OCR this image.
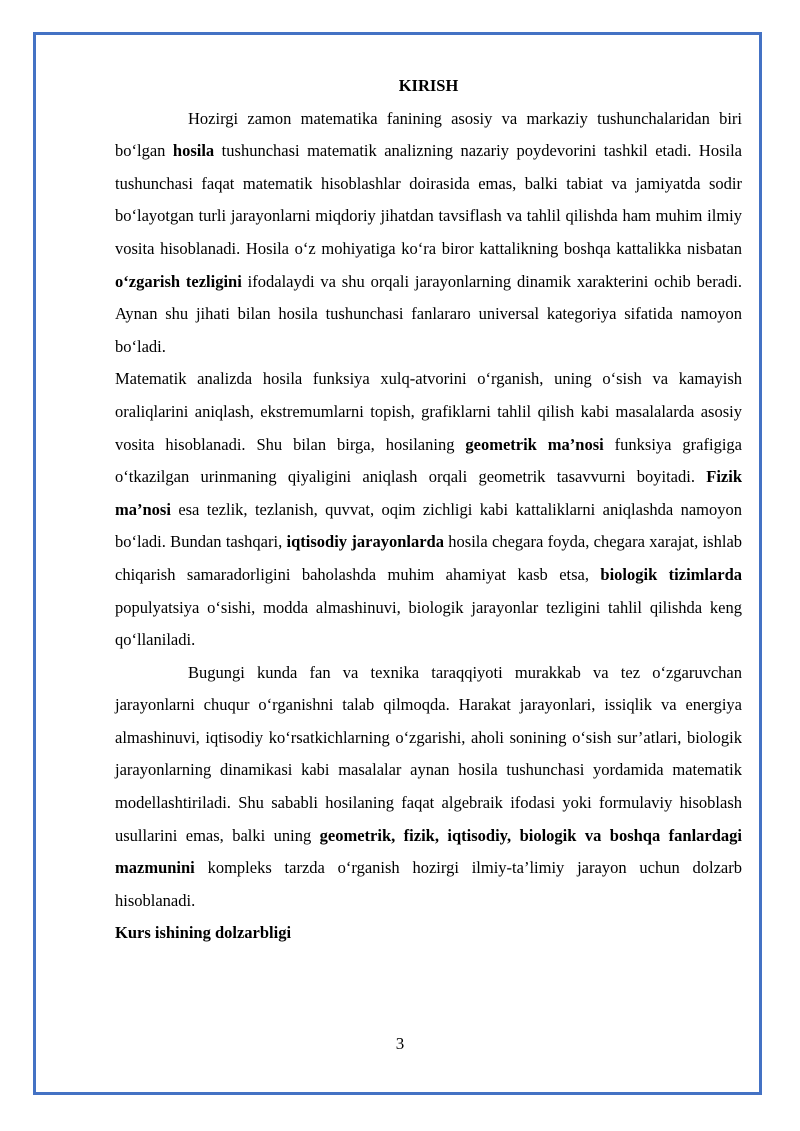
KIRISH

Hozirgi zamon matematika fanining asosiy va markaziy tushunchalaridan biri bo‘lgan hosila tushunchasi matematik analizning nazariy poydevorini tashkil etadi. Hosila tushunchasi faqat matematik hisoblashlar doirasida emas, balki tabiat va jamiyatda sodir bo‘layotgan turli jarayonlarni miqdoriy jihatdan tavsiflash va tahlil qilishda ham muhim ilmiy vosita hisoblanadi. Hosila o‘z mohiyatiga ko‘ra biror kattalikning boshqa kattalikka nisbatan o‘zgarish tezligini ifodalaydi va shu orqali jarayonlarning dinamik xarakterini ochib beradi. Aynan shu jihati bilan hosila tushunchasi fanlararo universal kategoriya sifatida namoyon bo‘ladi.

Matematik analizda hosila funksiya xulq-atvorini o‘rganish, uning o‘sish va kamayish oraliqlarini aniqlash, ekstremumlarni topish, grafiklarni tahlil qilish kabi masalalarda asosiy vosita hisoblanadi. Shu bilan birga, hosilaning geometrik ma’nosi funksiya grafigiga o‘tkazilgan urinmaning qiyaligini aniqlash orqali geometrik tasavvurni boyitadi. Fizik ma’nosi esa tezlik, tezlanish, quvvat, oqim zichligi kabi kattaliklarni aniqlashda namoyon bo‘ladi. Bundan tashqari, iqtisodiy jarayonlarda hosila chegara foyda, chegara xarajat, ishlab chiqarish samaradorligini baholashda muhim ahamiyat kasb etsa, biologik tizimlarda populyatsiya o‘sishi, modda almashinuvi, biologik jarayonlar tezligini tahlil qilishda keng qo‘llaniladi.

Bugungi kunda fan va texnika taraqqiyoti murakkab va tez o‘zgaruvchan jarayonlarni chuqur o‘rganishni talab qilmoqda. Harakat jarayonlari, issiqlik va energiya almashinuvi, iqtisodiy ko‘rsatkichlarning o‘zgarishi, aholi sonining o‘sish sur’atlari, biologik jarayonlarning dinamikasi kabi masalalar aynan hosila tushunchasi yordamida matematik modellashtiriladi. Shu sababli hosilaning faqat algebraik ifodasi yoki formulaviy hisoblash usullarini emas, balki uning geometrik, fizik, iqtisodiy, biologik va boshqa fanlardagi mazmunini kompleks tarzda o‘rganish hozirgi ilmiy-ta’limiy jarayon uchun dolzarb hisoblanadi.

Kurs ishining dolzarbligi

3
